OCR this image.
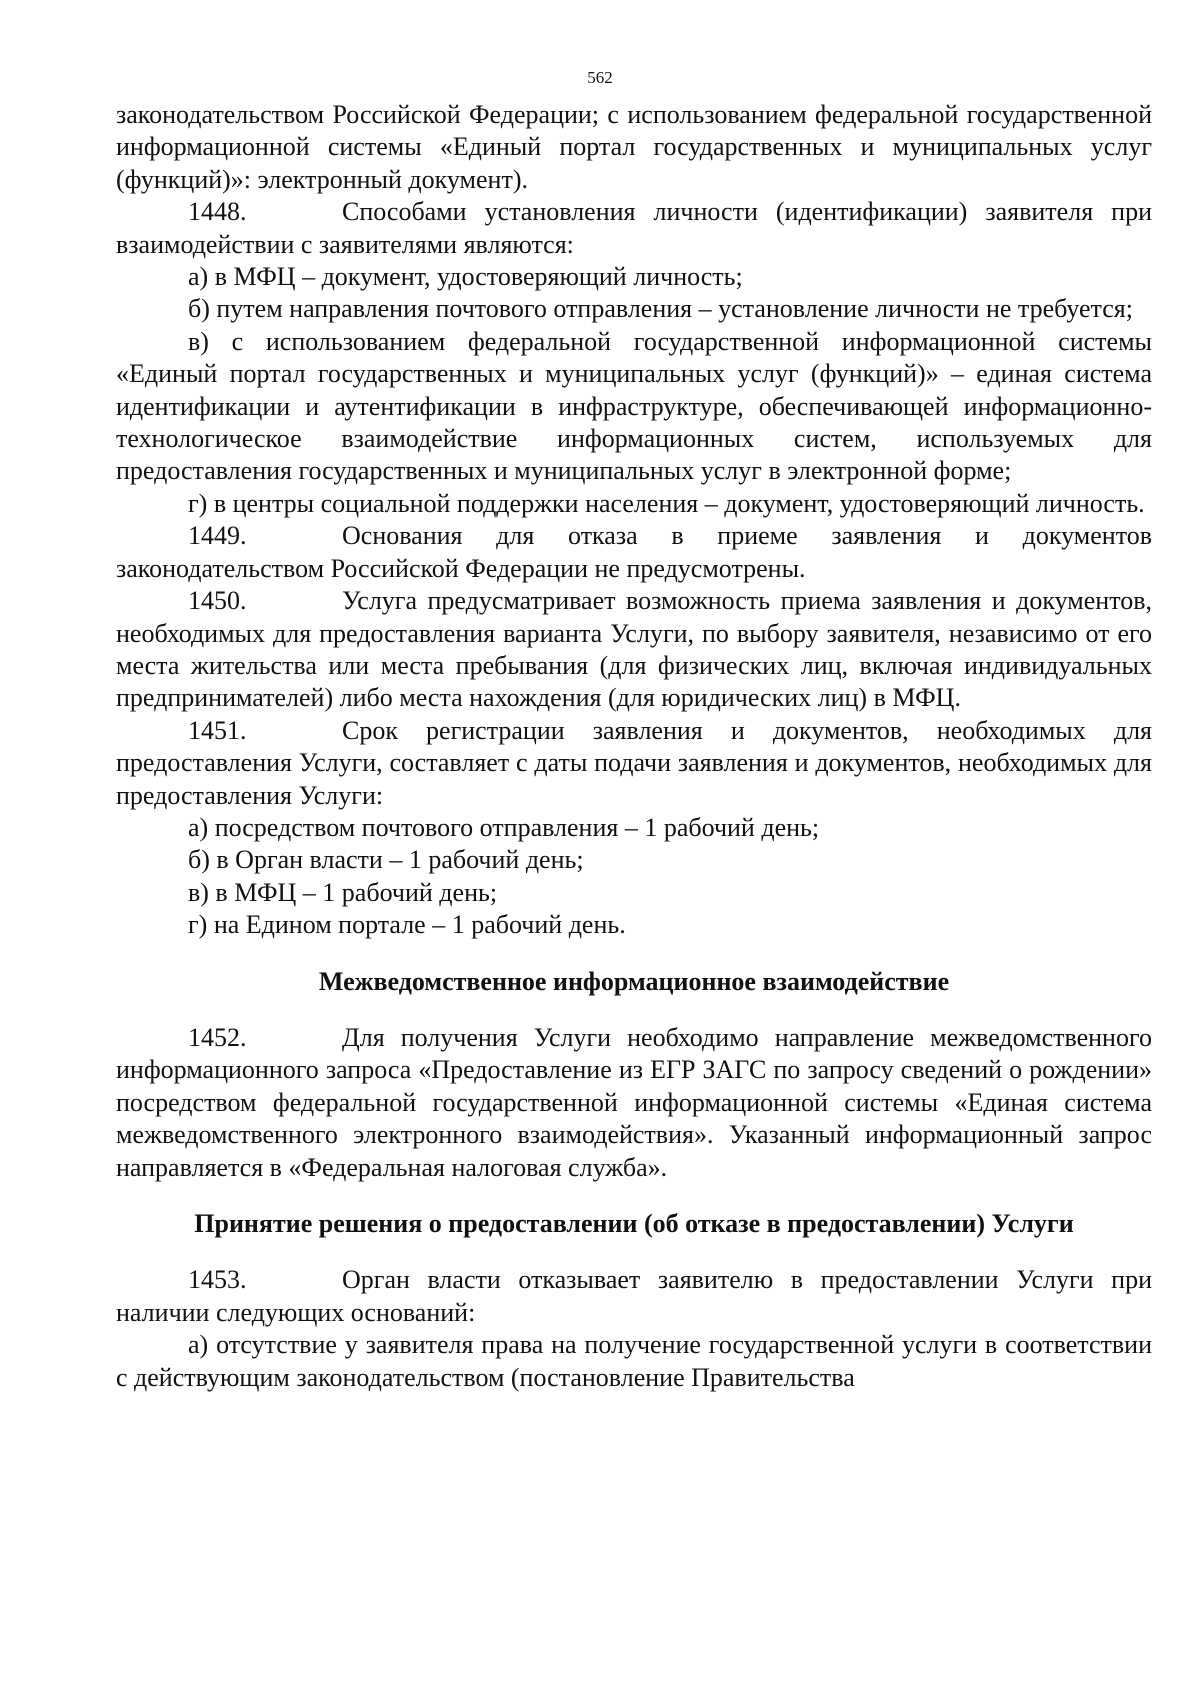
562

законодательством Российской Федерации; с использованием федеральной государственной информационной системы «Единый портал государственных и муниципальных услуг (функций)»: электронный документ).

1448.	Способами установления личности (идентификации) заявителя при взаимодействии с заявителями являются:

а) в МФЦ – документ, удостоверяющий личность;

б) путем направления почтового отправления – установление личности не требуется;

в) с использованием федеральной государственной информационной системы «Единый портал государственных и муниципальных услуг (функций)» – единая система идентификации и аутентификации в инфраструктуре, обеспечивающей информационно-технологическое взаимодействие информационных систем, используемых для предоставления государственных и муниципальных услуг в электронной форме;

г) в центры социальной поддержки населения – документ, удостоверяющий личность.

1449.	Основания для отказа в приеме заявления и документов законодательством Российской Федерации не предусмотрены.

1450.	Услуга предусматривает возможность приема заявления и документов, необходимых для предоставления варианта Услуги, по выбору заявителя, независимо от его места жительства или места пребывания (для физических лиц, включая индивидуальных предпринимателей) либо места нахождения (для юридических лиц) в МФЦ.

1451.	Срок регистрации заявления и документов, необходимых для предоставления Услуги, составляет с даты подачи заявления и документов, необходимых для предоставления Услуги:

а) посредством почтового отправления – 1 рабочий день;

б) в Орган власти – 1 рабочий день;

в) в МФЦ – 1 рабочий день;

г) на Едином портале – 1 рабочий день.

Межведомственное информационное взаимодействие

1452.	Для получения Услуги необходимо направление межведомственного информационного запроса «Предоставление из ЕГР ЗАГС по запросу сведений о рождении» посредством федеральной государственной информационной системы «Единая система межведомственного электронного взаимодействия». Указанный информационный запрос направляется в «Федеральная налоговая служба».

Принятие решения о предоставлении (об отказе в предоставлении) Услуги

1453.	Орган власти отказывает заявителю в предоставлении Услуги при наличии следующих оснований:

а) отсутствие у заявителя права на получение государственной услуги в соответствии с действующим законодательством (постановление Правительства
